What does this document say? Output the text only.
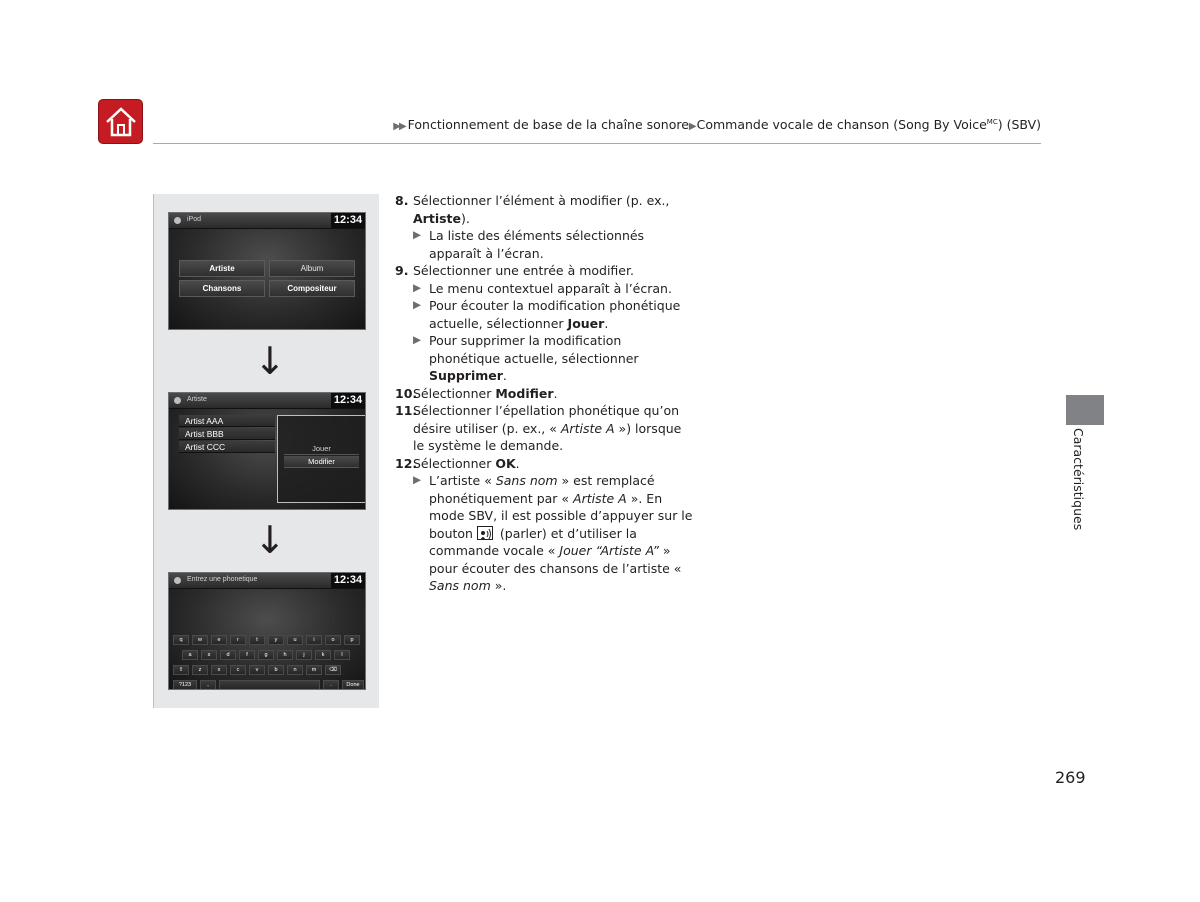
▶▶ Fonctionnement de base de la chaîne sonore▶Commande vocale de chanson (Song By Voice$^{MC}$) (SBV)
Caractéristiques
iPod	12:34
Artiste	Album
Chansons	Compositeur
↓
Artiste	12:34
Artist AAA
Artist BBB
Artist CCC	Jouer
Modifier
↓
Entrez une phonetique	12:34
q	w	e	r	t	y	u	i	o	p
a	s	d	f	g	h	j	k	l
⇧	z	x	c	v	b	n	m	⌫
?123	,	.	Done
8. Sélectionner l’élément à modifier (p. ex., Artiste).
▶ La liste des éléments sélectionnés apparaît à l’écran.
9. Sélectionner une entrée à modifier.
▶ Le menu contextuel apparaît à l’écran.
▶ Pour écouter la modification phonétique actuelle, sélectionner Jouer.
▶ Pour supprimer la modification phonétique actuelle, sélectionner Supprimer.
10.
Sélectionner Modifier.
11.
Sélectionner l’épellation phonétique qu’on désire utiliser (p. ex., « Artiste A ») lorsque le système le demande.
12.
Sélectionner OK.
▶ L’artiste « Sans nom » est remplacé phonétiquement par « Artiste A ». En mode SBV, il est possible d’appuyer sur le bouton  (parler) et d’utiliser la commande vocale « Jouer “Artiste A” » pour écouter des chansons de l’artiste « Sans nom ».
269
